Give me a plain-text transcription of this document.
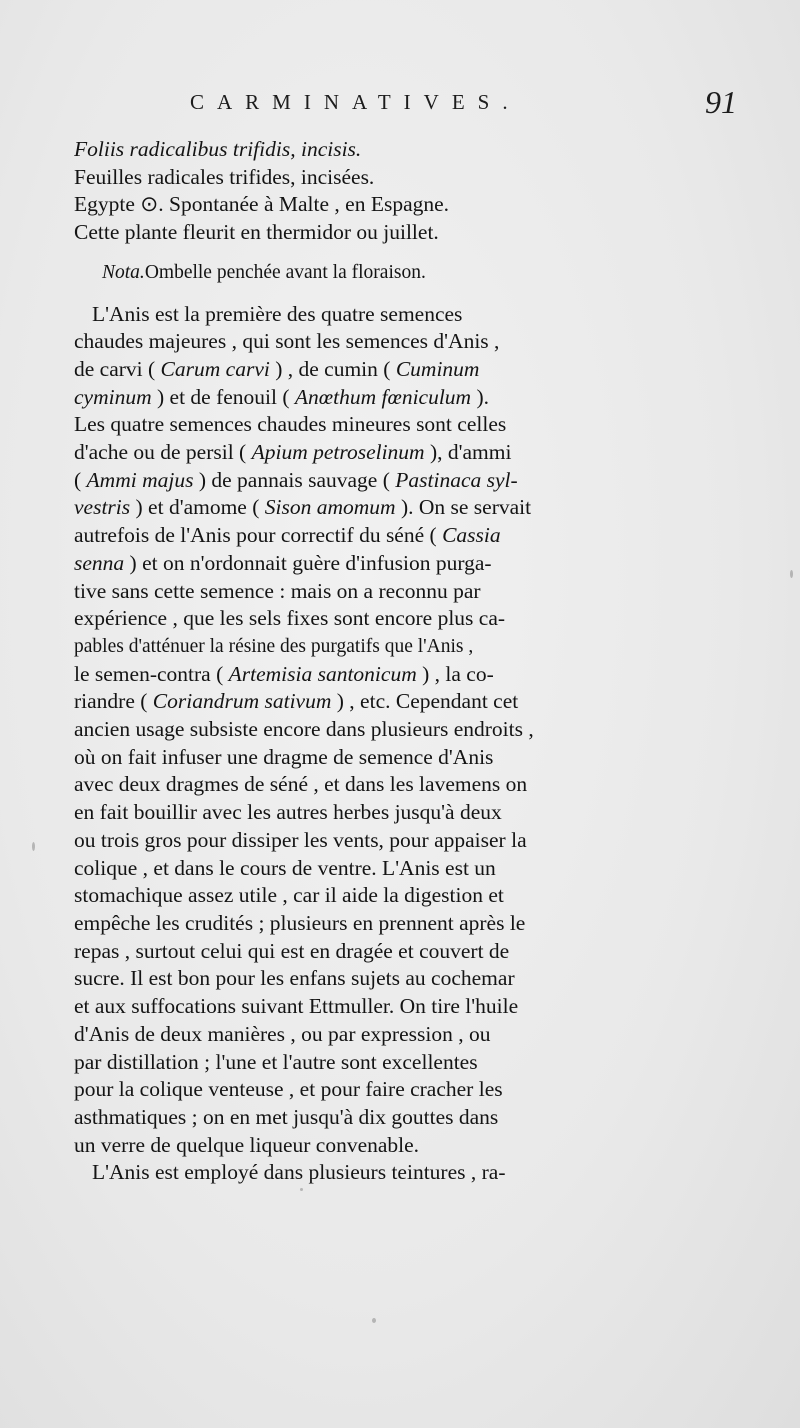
CARMINATIVES.	91
Foliis radicalibus trifidis, incisis.
Feuilles radicales trifides, incisées.
Egypte ⊙. Spontanée à Malte , en Espagne.
Cette plante fleurit en thermidor ou juillet.
Nota. Ombelle penchée avant la floraison.
L'Anis est la première des quatre semences
chaudes majeures , qui sont les semences d'Anis ,
de carvi ( Carum carvi ) , de cumin ( Cuminum
cyminum ) et de fenouil ( Anœthum fœniculum ).
Les quatre semences chaudes mineures sont celles
d'ache ou de persil ( Apium petroselinum ), d'ammi
( Ammi majus ) de pannais sauvage ( Pastinaca syl-
vestris ) et d'amome ( Sison amomum ). On se servait
autrefois de l'Anis pour correctif du séné ( Cassia
senna ) et on n'ordonnait guère d'infusion purga-
tive sans cette semence : mais on a reconnu par
expérience , que les sels fixes sont encore plus ca-
pables d'atténuer la résine des purgatifs que l'Anis ,
le semen-contra ( Artemisia santonicum ) , la co-
riandre ( Coriandrum sativum ) , etc. Cependant cet
ancien usage subsiste encore dans plusieurs endroits ,
où on fait infuser une dragme de semence d'Anis
avec deux dragmes de séné , et dans les lavemens on
en fait bouillir avec les autres herbes jusqu'à deux
ou trois gros pour dissiper les vents, pour appaiser la
colique , et dans le cours de ventre. L'Anis est un
stomachique assez utile , car il aide la digestion et
empêche les crudités ; plusieurs en prennent après le
repas , surtout celui qui est en dragée et couvert de
sucre. Il est bon pour les enfans sujets au cochemar
et aux suffocations suivant Ettmuller. On tire l'huile
d'Anis de deux manières , ou par expression , ou
par distillation ; l'une et l'autre sont excellentes
pour la colique venteuse , et pour faire cracher les
asthmatiques ; on en met jusqu'à dix gouttes dans
un verre de quelque liqueur convenable.
L'Anis est employé dans plusieurs teintures , ra-
